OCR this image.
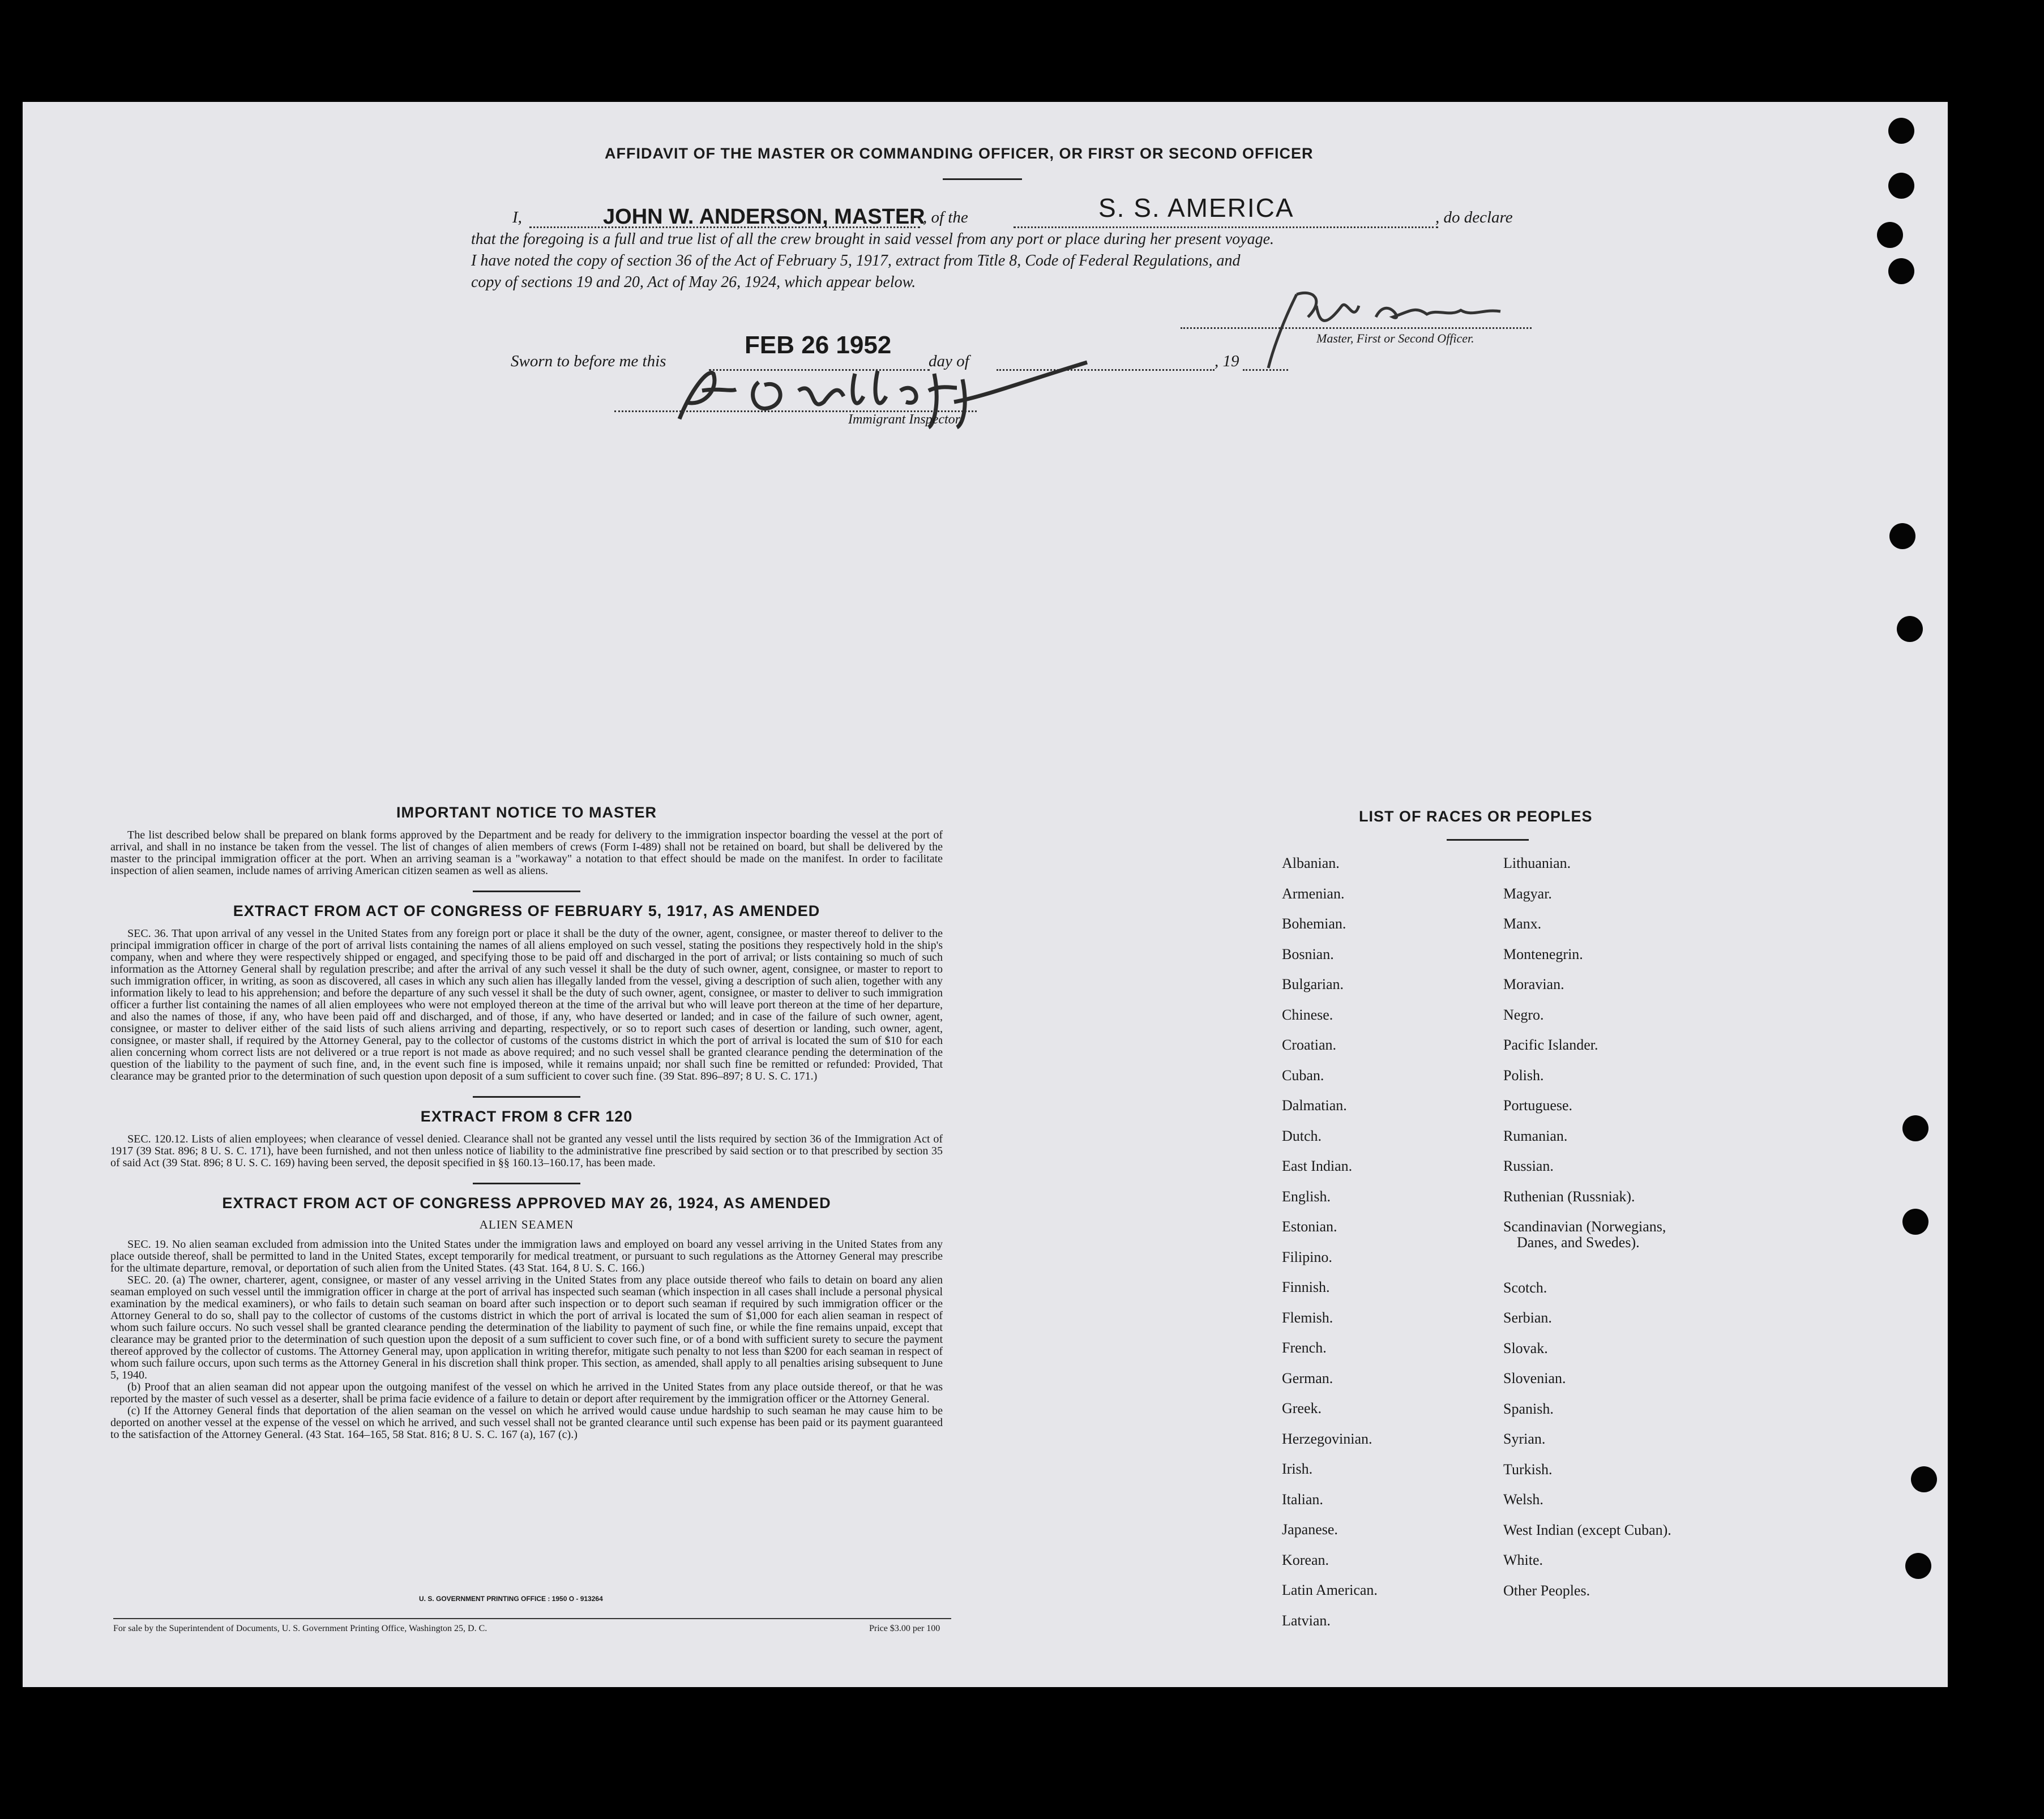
AFFIDAVIT OF THE MASTER OR COMMANDING OFFICER, OR FIRST OR SECOND OFFICER
I,	JOHN W. ANDERSON, MASTER
, of the	S. S. AMERICA	, do declare
that the foregoing is a full and true list of all the crew brought in said vessel from any port or place during her present voyage.
I have noted the copy of section 36 of the Act of February 5, 1917, extract from Title 8, Code of Federal Regulations, and
copy of sections 19 and 20, Act of May 26, 1924, which appear below.
Master, First or Second Officer.
Sworn to before me this
FEB 26 1952
day of	, 19
Immigrant Inspector.
IMPORTANT NOTICE TO MASTER
The list described below shall be prepared on blank forms approved by the Department and be ready for delivery to the immigration inspector boarding the vessel at the port of arrival, and shall in no instance be taken from the vessel. The list of changes of alien members of crews (Form I-489) shall not be retained on board, but shall be delivered by the master to the principal immigration officer at the port. When an arriving seaman is a "workaway" a notation to that effect should be made on the manifest. In order to facilitate inspection of alien seamen, include names of arriving American citizen seamen as well as aliens.
EXTRACT FROM ACT OF CONGRESS OF FEBRUARY 5, 1917, AS AMENDED
SEC. 36. That upon arrival of any vessel in the United States from any foreign port or place it shall be the duty of the owner, agent, consignee, or master thereof to deliver to the principal immigration officer in charge of the port of arrival lists containing the names of all aliens employed on such vessel, stating the positions they respectively hold in the ship's company, when and where they were respectively shipped or engaged, and specifying those to be paid off and discharged in the port of arrival; or lists containing so much of such information as the Attorney General shall by regulation prescribe; and after the arrival of any such vessel it shall be the duty of such owner, agent, consignee, or master to report to such immigration officer, in writing, as soon as discovered, all cases in which any such alien has illegally landed from the vessel, giving a description of such alien, together with any information likely to lead to his apprehension; and before the departure of any such vessel it shall be the duty of such owner, agent, consignee, or master to deliver to such immigration officer a further list containing the names of all alien employees who were not employed thereon at the time of the arrival but who will leave port thereon at the time of her departure, and also the names of those, if any, who have been paid off and discharged, and of those, if any, who have deserted or landed; and in case of the failure of such owner, agent, consignee, or master to deliver either of the said lists of such aliens arriving and departing, respectively, or so to report such cases of desertion or landing, such owner, agent, consignee, or master shall, if required by the Attorney General, pay to the collector of customs of the customs district in which the port of arrival is located the sum of $10 for each alien concerning whom correct lists are not delivered or a true report is not made as above required; and no such vessel shall be granted clearance pending the determination of the question of the liability to the payment of such fine, and, in the event such fine is imposed, while it remains unpaid; nor shall such fine be remitted or refunded: Provided, That clearance may be granted prior to the determination of such question upon deposit of a sum sufficient to cover such fine. (39 Stat. 896–897; 8 U. S. C. 171.)
EXTRACT FROM 8 CFR 120
SEC. 120.12. Lists of alien employees; when clearance of vessel denied. Clearance shall not be granted any vessel until the lists required by section 36 of the Immigration Act of 1917 (39 Stat. 896; 8 U. S. C. 171), have been furnished, and not then unless notice of liability to the administrative fine prescribed by said section or to that prescribed by section 35 of said Act (39 Stat. 896; 8 U. S. C. 169) having been served, the deposit specified in §§ 160.13–160.17, has been made.
EXTRACT FROM ACT OF CONGRESS APPROVED MAY 26, 1924, AS AMENDED
ALIEN SEAMEN
SEC. 19. No alien seaman excluded from admission into the United States under the immigration laws and employed on board any vessel arriving in the United States from any place outside thereof, shall be permitted to land in the United States, except temporarily for medical treatment, or pursuant to such regulations as the Attorney General may prescribe for the ultimate departure, removal, or deportation of such alien from the United States. (43 Stat. 164, 8 U. S. C. 166.)
SEC. 20. (a) The owner, charterer, agent, consignee, or master of any vessel arriving in the United States from any place outside thereof who fails to detain on board any alien seaman employed on such vessel until the immigration officer in charge at the port of arrival has inspected such seaman (which inspection in all cases shall include a personal physical examination by the medical examiners), or who fails to detain such seaman on board after such inspection or to deport such seaman if required by such immigration officer or the Attorney General to do so, shall pay to the collector of customs of the customs district in which the port of arrival is located the sum of $1,000 for each alien seaman in respect of whom such failure occurs. No such vessel shall be granted clearance pending the determination of the liability to payment of such fine, or while the fine remains unpaid, except that clearance may be granted prior to the determination of such question upon the deposit of a sum sufficient to cover such fine, or of a bond with sufficient surety to secure the payment thereof approved by the collector of customs. The Attorney General may, upon application in writing therefor, mitigate such penalty to not less than $200 for each seaman in respect of whom such failure occurs, upon such terms as the Attorney General in his discretion shall think proper. This section, as amended, shall apply to all penalties arising subsequent to June 5, 1940.
(b) Proof that an alien seaman did not appear upon the outgoing manifest of the vessel on which he arrived in the United States from any place outside thereof, or that he was reported by the master of such vessel as a deserter, shall be prima facie evidence of a failure to detain or deport after requirement by the immigration officer or the Attorney General.
(c) If the Attorney General finds that deportation of the alien seaman on the vessel on which he arrived would cause undue hardship to such seaman he may cause him to be deported on another vessel at the expense of the vessel on which he arrived, and such vessel shall not be granted clearance until such expense has been paid or its payment guaranteed to the satisfaction of the Attorney General. (43 Stat. 164–165, 58 Stat. 816; 8 U. S. C. 167 (a), 167 (c).)
U. S. GOVERNMENT PRINTING OFFICE : 1950 O - 913264
For sale by the Superintendent of Documents, U. S. Government Printing Office, Washington 25, D. C.	Price $3.00 per 100
LIST OF RACES OR PEOPLES
Albanian.
Armenian.
Bohemian.
Bosnian.
Bulgarian.
Chinese.
Croatian.
Cuban.
Dalmatian.
Dutch.
East Indian.
English.
Estonian.
Filipino.
Finnish.
Flemish.
French.
German.
Greek.
Herzegovinian.
Irish.
Italian.
Japanese.
Korean.
Latin American.
Latvian.
Lithuanian.
Magyar.
Manx.
Montenegrin.
Moravian.
Negro.
Pacific Islander.
Polish.
Portuguese.
Rumanian.
Russian.
Ruthenian (Russniak).
Scandinavian (Norwegians,
Danes, and Swedes).
Scotch.
Serbian.
Slovak.
Slovenian.
Spanish.
Syrian.
Turkish.
Welsh.
West Indian (except Cuban).
White.
Other Peoples.
